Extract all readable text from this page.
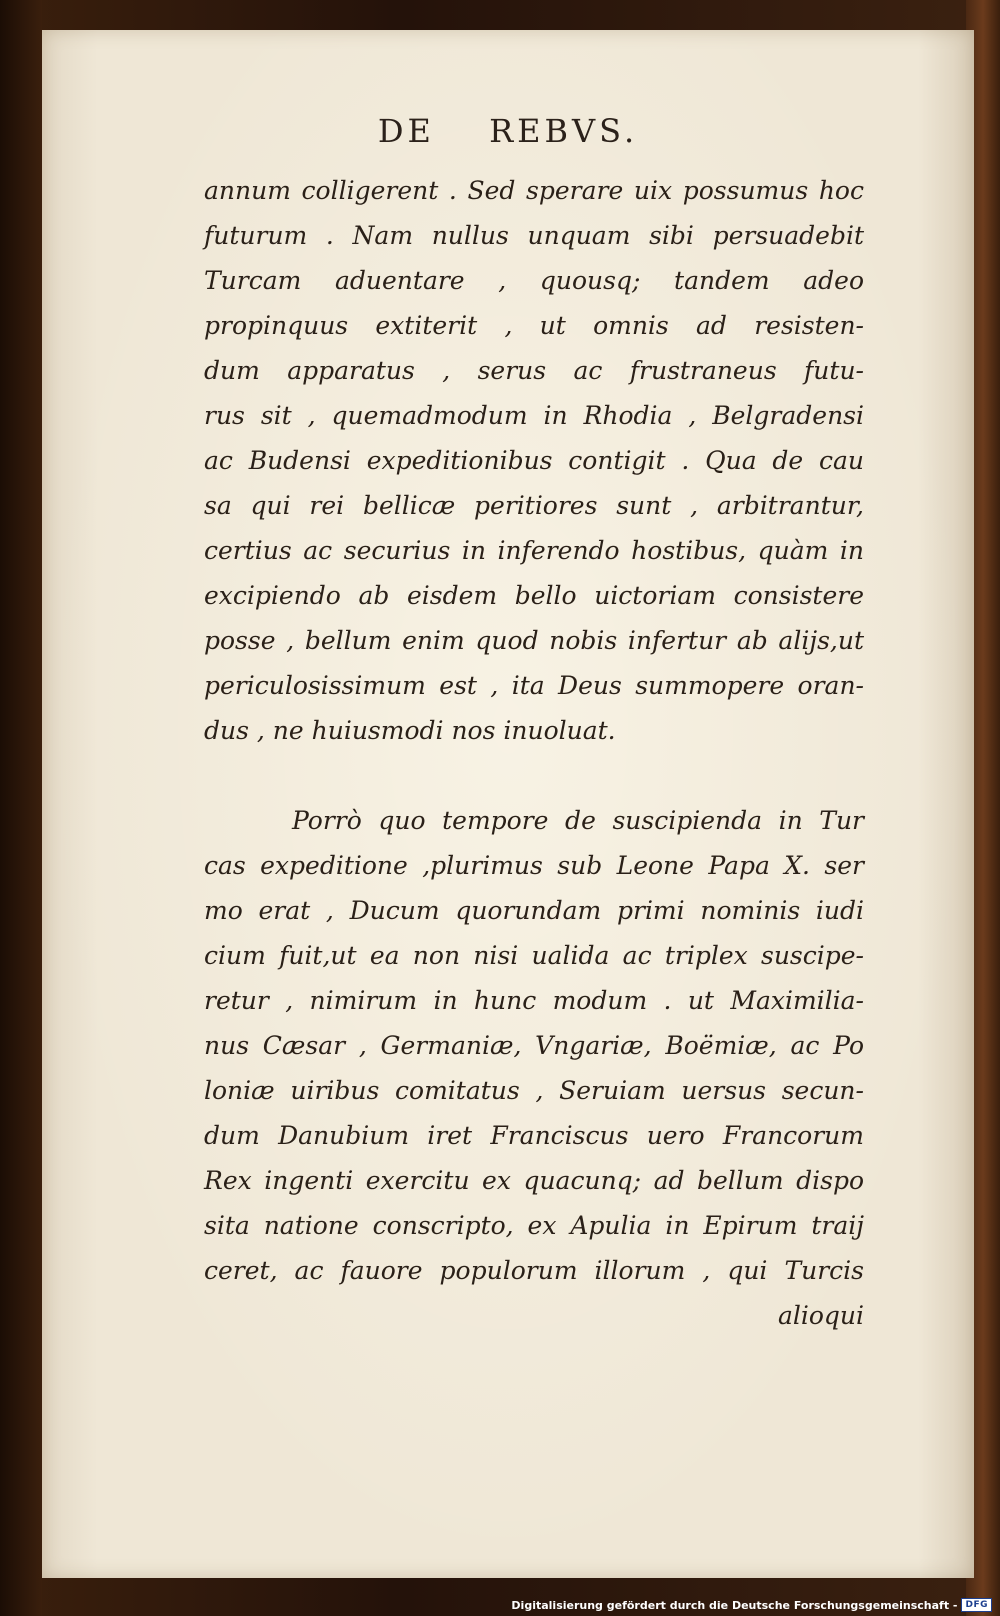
DE REBVS.
annum colligerent . Sed sperare uix possumus hoc
futurum . Nam nullus unquam sibi persuadebit
Turcam aduentare , quousq; tandem adeo
propinquus extiterit , ut omnis ad resisten-
dum apparatus , serus ac frustraneus futu-
rus sit , quemadmodum in Rhodia , Belgradensi
ac Budensi expeditionibus contigit . Qua de cau
sa qui rei bellicæ peritiores sunt , arbitrantur,
certius ac securius in inferendo hostibus, quàm in
excipiendo ab eisdem bello uictoriam consistere
posse , bellum enim quod nobis infertur ab alijs,ut
periculosissimum est , ita Deus summopere oran-
dus , ne huiusmodi nos inuoluat.
Porrò quo tempore de suscipienda in Tur
cas expeditione ,plurimus sub Leone Papa X. ser
mo erat , Ducum quorundam primi nominis iudi
cium fuit,ut ea non nisi ualida ac triplex suscipe-
retur , nimirum in hunc modum . ut Maximilia-
nus Cæsar , Germaniæ, Vngariæ, Boëmiæ, ac Po
loniæ uiribus comitatus , Seruiam uersus secun-
dum Danubium iret Franciscus uero Francorum
Rex ingenti exercitu ex quacunq; ad bellum dispo
sita natione conscripto, ex Apulia in Epirum traij
ceret, ac fauore populorum illorum , qui Turcis
alioqui
Digitalisierung gefördert durch die Deutsche Forschungsgemeinschaft - DFG
